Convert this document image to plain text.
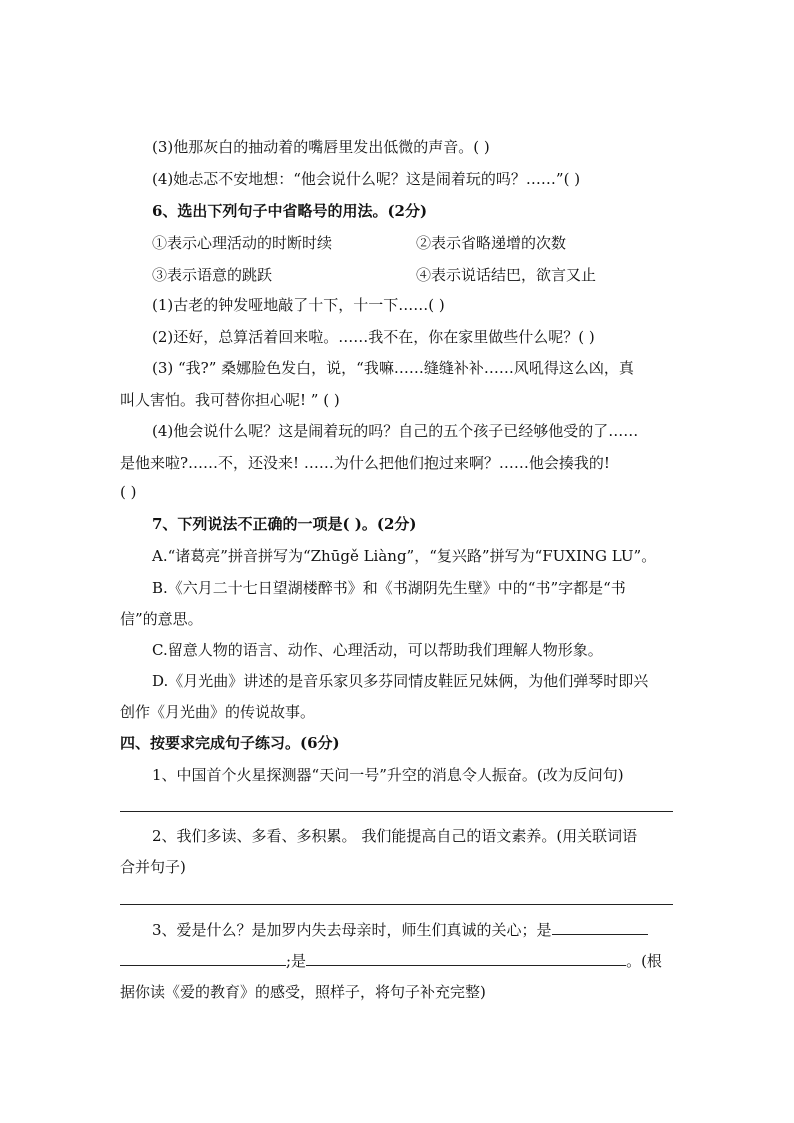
(3)他那灰白的抽动着的嘴唇里发出低微的声音。( )
(4)她忐忑不安地想：“他会说什么呢？这是闹着玩的吗？……”( )
6、选出下列句子中省略号的用法。(2分)
①表示心理活动的时断时续	②表示省略递增的次数
③表示语意的跳跃	④表示说话结巴，欲言又止
(1)古老的钟发哑地敲了十下，十一下……( )
(2)还好，总算活着回来啦。……我不在，你在家里做些什么呢？( )
(3) “我?” 桑娜脸色发白，说，“我嘛……缝缝补补……风吼得这么凶，真
叫人害怕。我可替你担心呢! ” ( )
(4)他会说什么呢？这是闹着玩的吗？自己的五个孩子已经够他受的了……
是他来啦?……不，还没来! ……为什么把他们抱过来啊？……他会揍我的!
( )
7、下列说法不正确的一项是( )。(2分)
A.“诸葛亮”拼音拼写为“Zhūgě Liàng”，“复兴路”拼写为“FUXING LU”。
B.《六月二十七日望湖楼醉书》和《书湖阴先生壁》中的“书”字都是“书
信”的意思。
C.留意人物的语言、动作、心理活动，可以帮助我们理解人物形象。
D.《月光曲》讲述的是音乐家贝多芬同情皮鞋匠兄妹俩，为他们弹琴时即兴
创作《月光曲》的传说故事。
四、按要求完成句子练习。(6分)
1、中国首个火星探测器“天问一号”升空的消息令人振奋。(改为反问句)
2、我们多读、多看、多积累。 我们能提高自己的语文素养。(用关联词语
合并句子)
3、爱是什么？是加罗内失去母亲时，师生们真诚的关心；是
;是	。(根
据你读《爱的教育》的感受，照样子，将句子补充完整)
